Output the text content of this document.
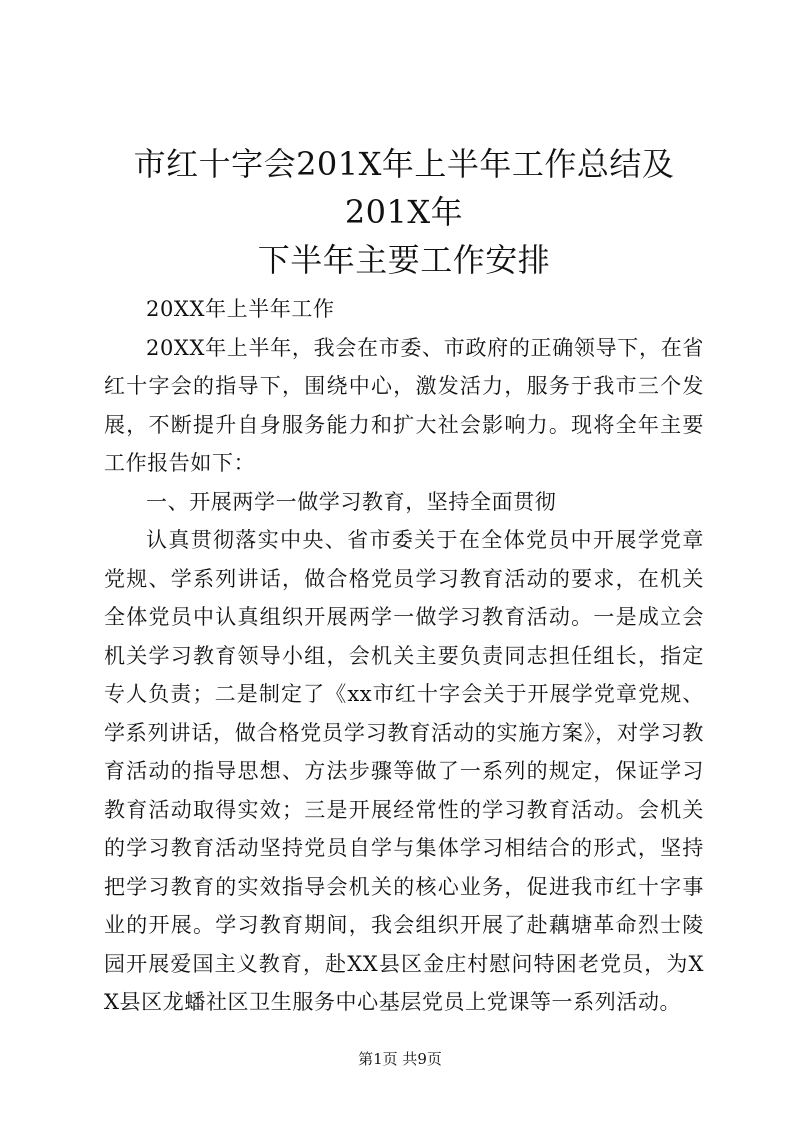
市红十字会201X年上半年工作总结及201X年
下半年主要工作安排

20XX年上半年工作

20XX年上半年，我会在市委、市政府的正确领导下，在省红十字会的指导下，围绕中心，激发活力，服务于我市三个发展，不断提升自身服务能力和扩大社会影响力。现将全年主要工作报告如下：

一、开展两学一做学习教育，坚持全面贯彻

认真贯彻落实中央、省市委关于在全体党员中开展学党章党规、学系列讲话，做合格党员学习教育活动的要求，在机关全体党员中认真组织开展两学一做学习教育活动。一是成立会机关学习教育领导小组，会机关主要负责同志担任组长，指定专人负责；二是制定了《xx市红十字会关于开展学党章党规、学系列讲话，做合格党员学习教育活动的实施方案》，对学习教育活动的指导思想、方法步骤等做了一系列的规定，保证学习教育活动取得实效；三是开展经常性的学习教育活动。会机关的学习教育活动坚持党员自学与集体学习相结合的形式，坚持把学习教育的实效指导会机关的核心业务，促进我市红十字事业的开展。学习教育期间，我会组织开展了赴藕塘革命烈士陵园开展爱国主义教育，赴XX县区金庄村慰问特困老党员，为XX县区龙蟠社区卫生服务中心基层党员上党课等一系列活动。

第1页 共9页
